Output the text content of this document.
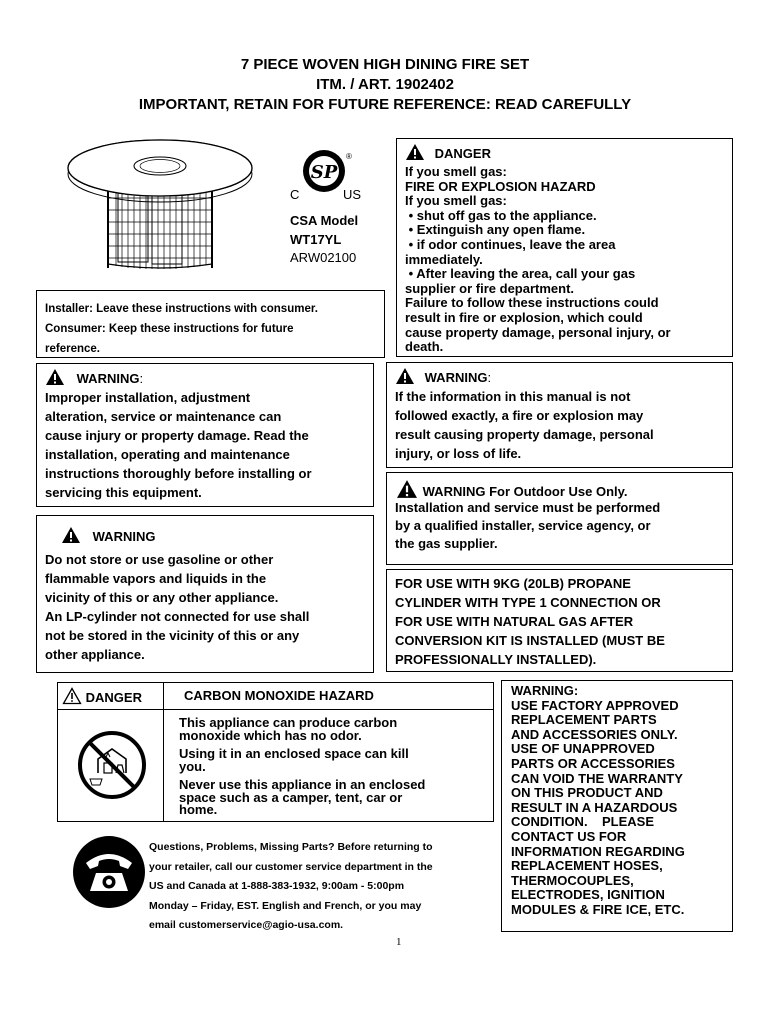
7 PIECE WOVEN HIGH DINING FIRE SET
ITM. / ART. 1902402
IMPORTANT, RETAIN FOR FUTURE REFERENCE: READ CAREFULLY
SP
®
C	US
CSA Model
WT17YL
ARW02100
Installer: Leave these instructions with consumer.
Consumer: Keep these instructions for future
reference.
DANGER
If you smell gas:
FIRE OR EXPLOSION HAZARD
If you smell gas:
• shut off gas to the appliance.
• Extinguish any open flame.
• if odor continues, leave the area
immediately.
• After leaving the area, call your gas
supplier or fire department.
Failure to follow these instructions could
result in fire or explosion, which could
cause property damage, personal injury, or
death.
WARNING:
Improper installation, adjustment
alteration, service or maintenance can
cause injury or property damage. Read the
installation, operating and maintenance
instructions thoroughly before installing or
servicing this equipment.
WARNING:
If the information in this manual is not
followed exactly, a fire or explosion may
result causing property damage, personal
injury, or loss of life.
WARNING For Outdoor Use Only.
Installation and service must be performed
by a qualified installer, service agency, or
the gas supplier.
WARNING
Do not store or use gasoline or other
flammable vapors and liquids in the
vicinity of this or any other appliance.
An LP-cylinder not connected for use shall
not be stored in the vicinity of this or any
other appliance.
FOR USE WITH 9KG (20LB) PROPANE
CYLINDER WITH TYPE 1 CONNECTION OR
FOR USE WITH NATURAL GAS AFTER
CONVERSION KIT IS INSTALLED (MUST BE
PROFESSIONALLY INSTALLED).
DANGER	CARBON MONOXIDE HAZARD
This appliance can produce carbon
monoxide which has no odor.
Using it in an enclosed space can kill
you.
Never use this appliance in an enclosed
space such as a camper, tent, car or
home.
WARNING:
USE FACTORY APPROVED
REPLACEMENT PARTS
AND ACCESSORIES ONLY.
USE OF UNAPPROVED
PARTS OR ACCESSORIES
CAN VOID THE WARRANTY
ON THIS PRODUCT AND
RESULT IN A HAZARDOUS
CONDITION.    PLEASE
CONTACT US FOR
INFORMATION REGARDING
REPLACEMENT HOSES,
THERMOCOUPLES,
ELECTRODES, IGNITION
MODULES & FIRE ICE, ETC.
Questions, Problems, Missing Parts? Before returning to
your retailer, call our customer service department in the
US and Canada at 1-888-383-1932, 9:00am - 5:00pm
Monday – Friday, EST. English and French, or you may
email customerservice@agio-usa.com.
1
